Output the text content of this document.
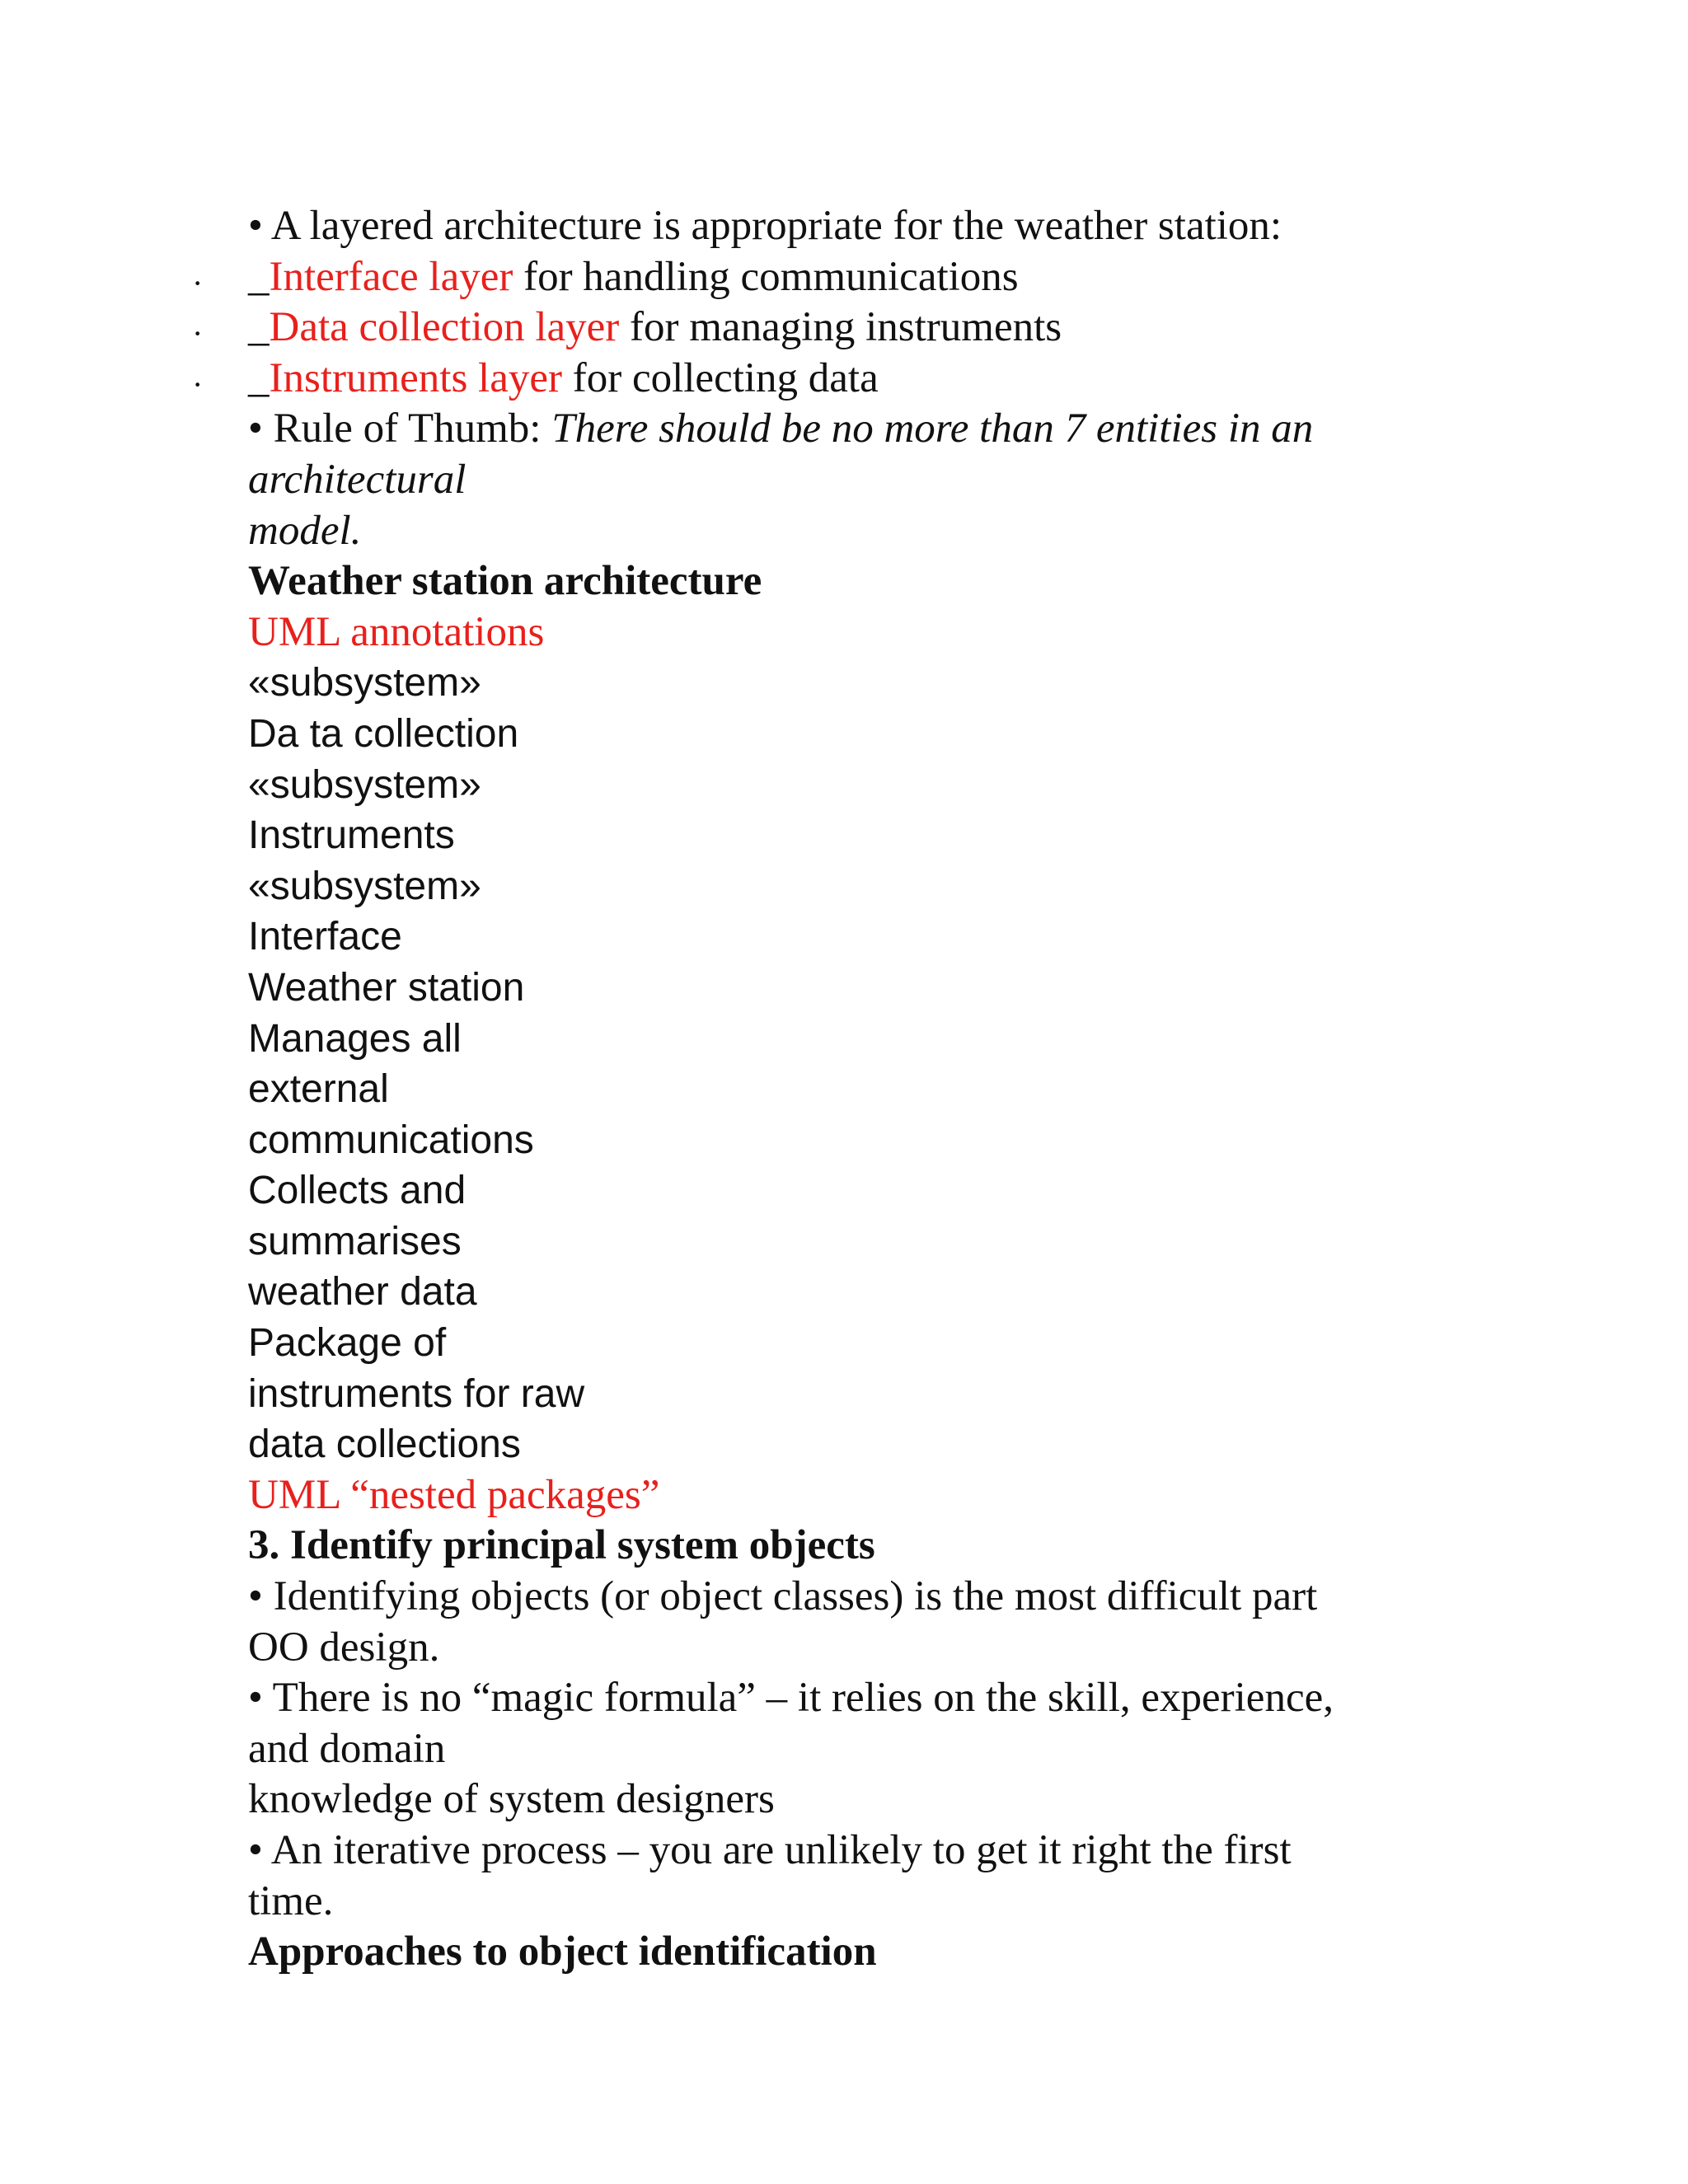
• A layered architecture is appropriate for the weather station:
· _Interface layer for handling communications
· _Data collection layer for managing instruments
· _Instruments layer for collecting data
• Rule of Thumb: There should be no more than 7 entities in an
architectural
model.
Weather station architecture
UML annotations
«subsystem»
Da ta collection
«subsystem»
Instruments
«subsystem»
Interface
Weather station
Manages all
external
communications
Collects and
summarises
weather data
Package of
instruments for raw
data collections
UML “nested packages”
3. Identify principal system objects
• Identifying objects (or object classes) is the most difficult part
OO design.
• There is no “magic formula” – it relies on the skill, experience,
and domain
knowledge of system designers
• An iterative process – you are unlikely to get it right the first
time.
Approaches to object identification
